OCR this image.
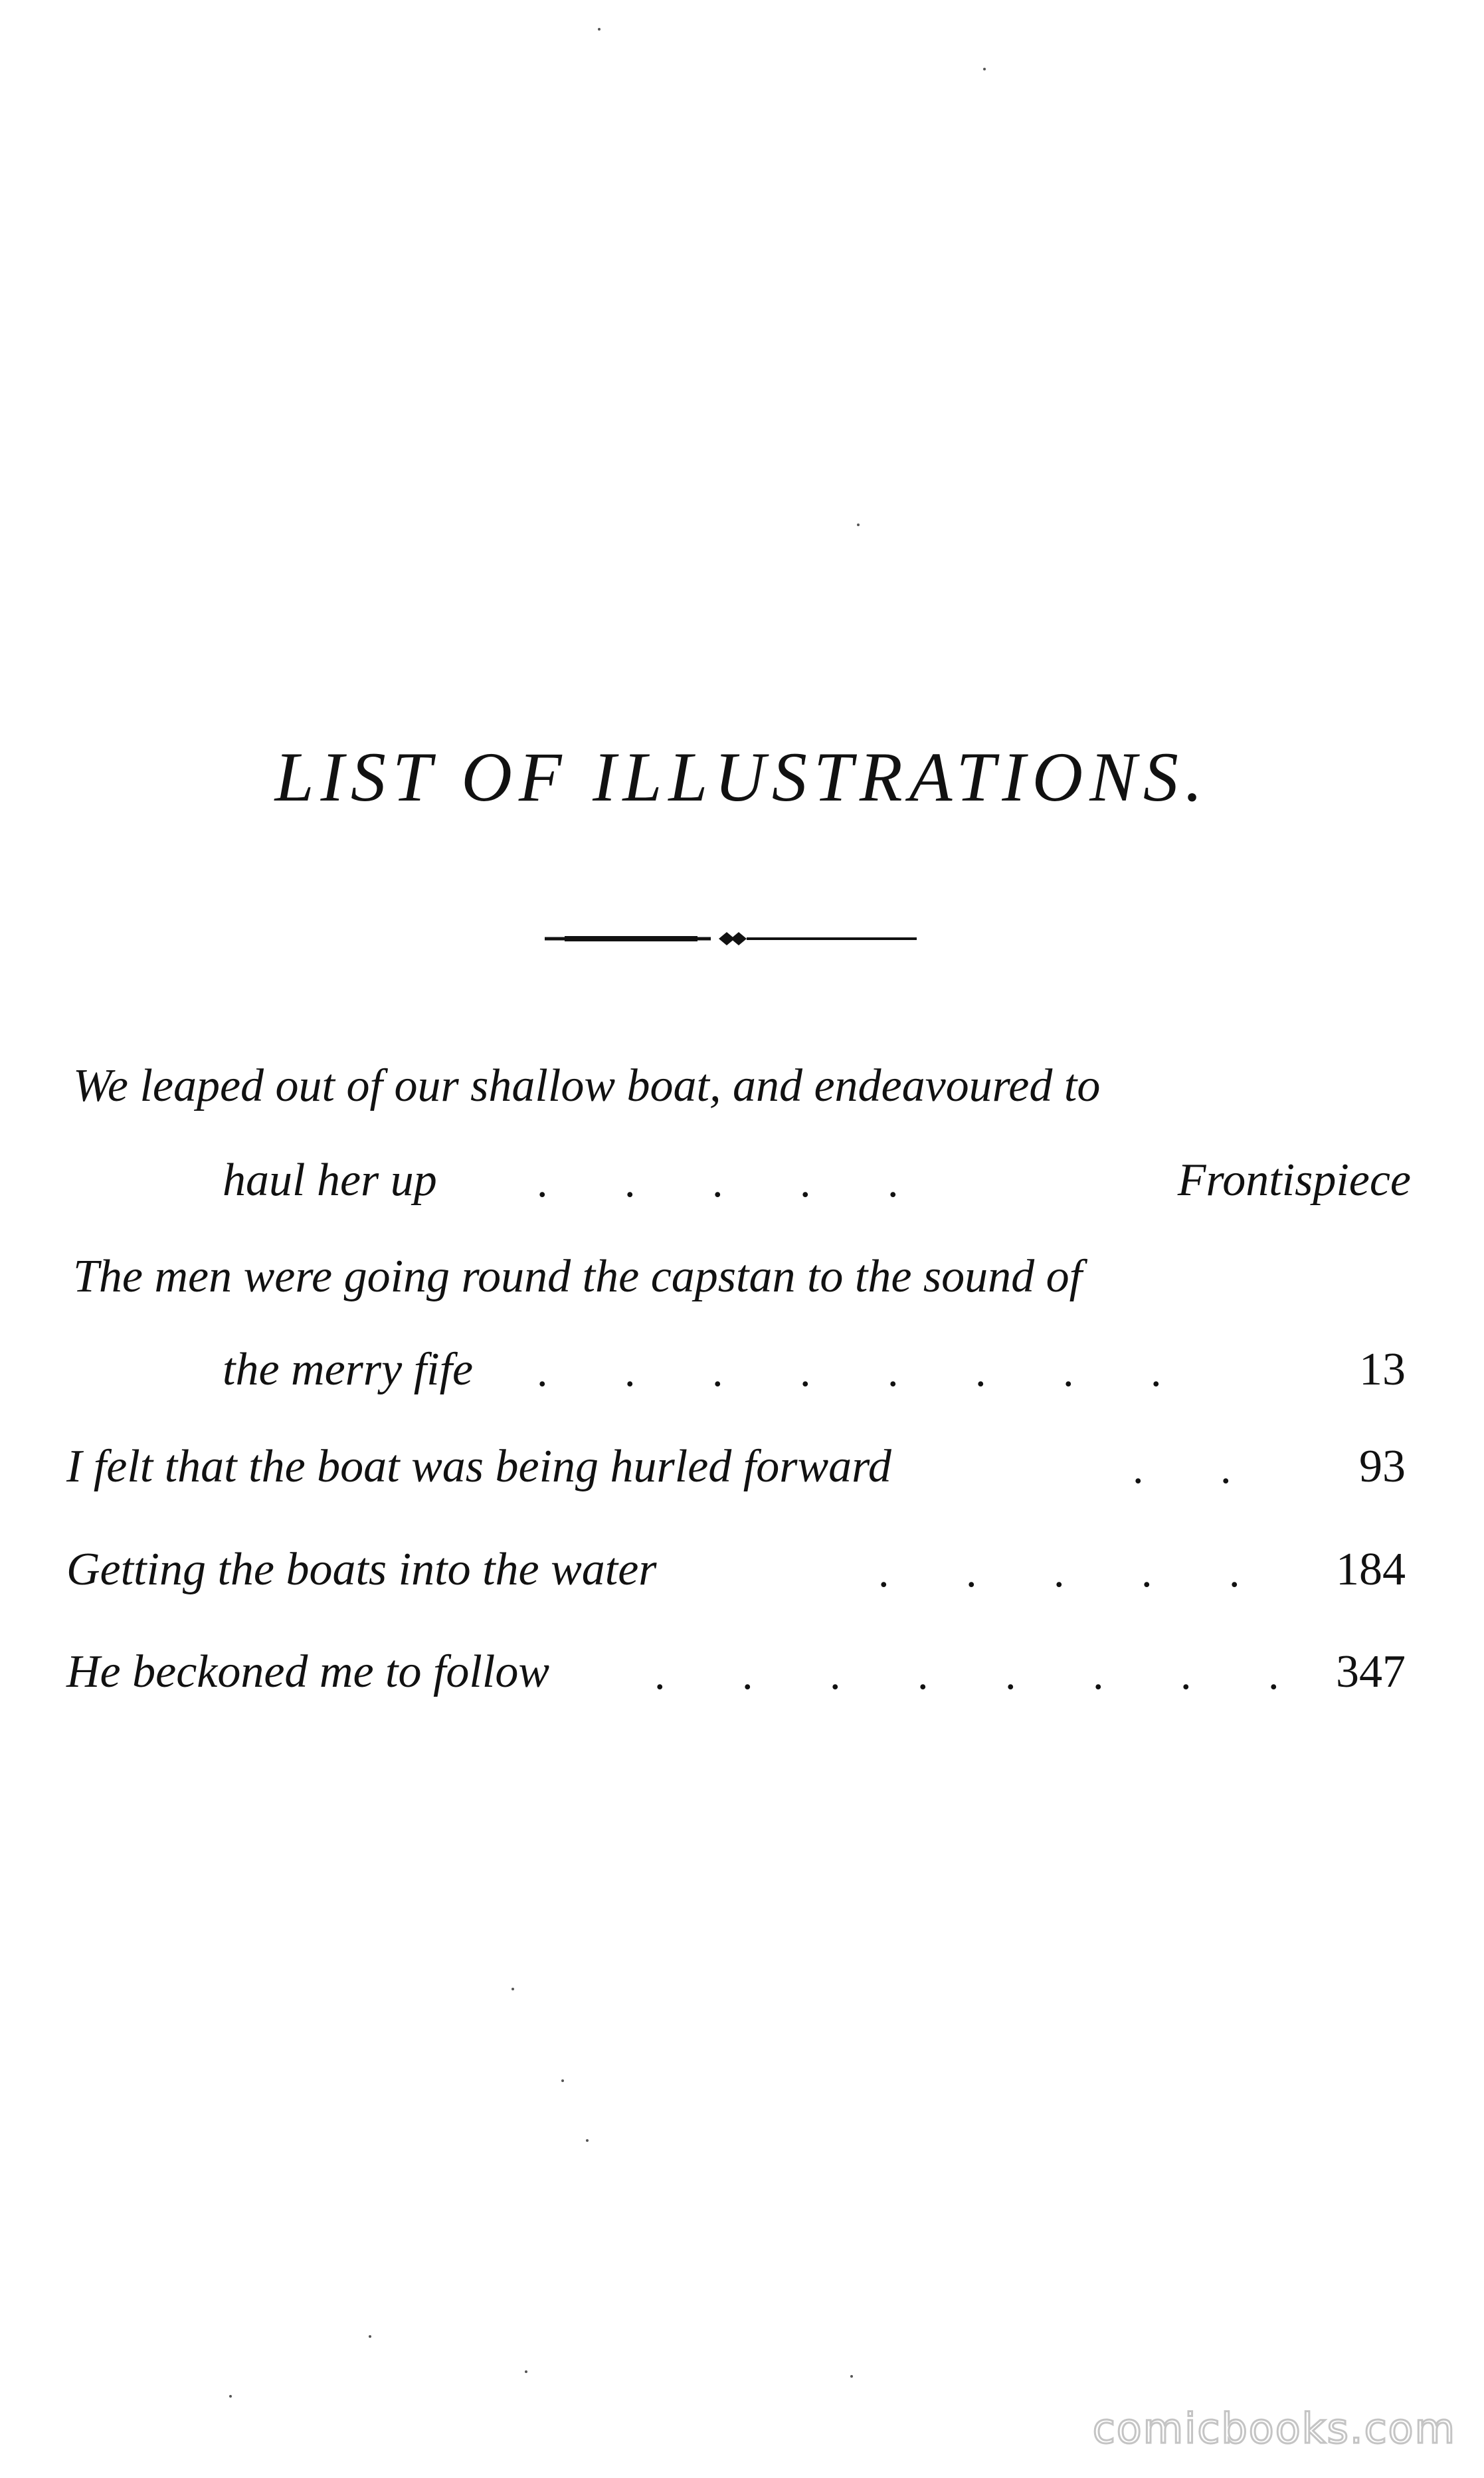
LIST OF ILLUSTRATIONS.
We leaped out of our shallow boat, and endeavoured to
haul her up .       .       .       .       .	Frontispiece
The men were going round the capstan to the sound of
the merry fife .       .       .       .       .       .       .       .	13
I felt that the boat was being hurled forward	.       .	93
Getting the boats into the water	.       .       .       .       . 184
He beckoned me to follow .       .       .       .       .       .       .       . 347
comicbooks.com
